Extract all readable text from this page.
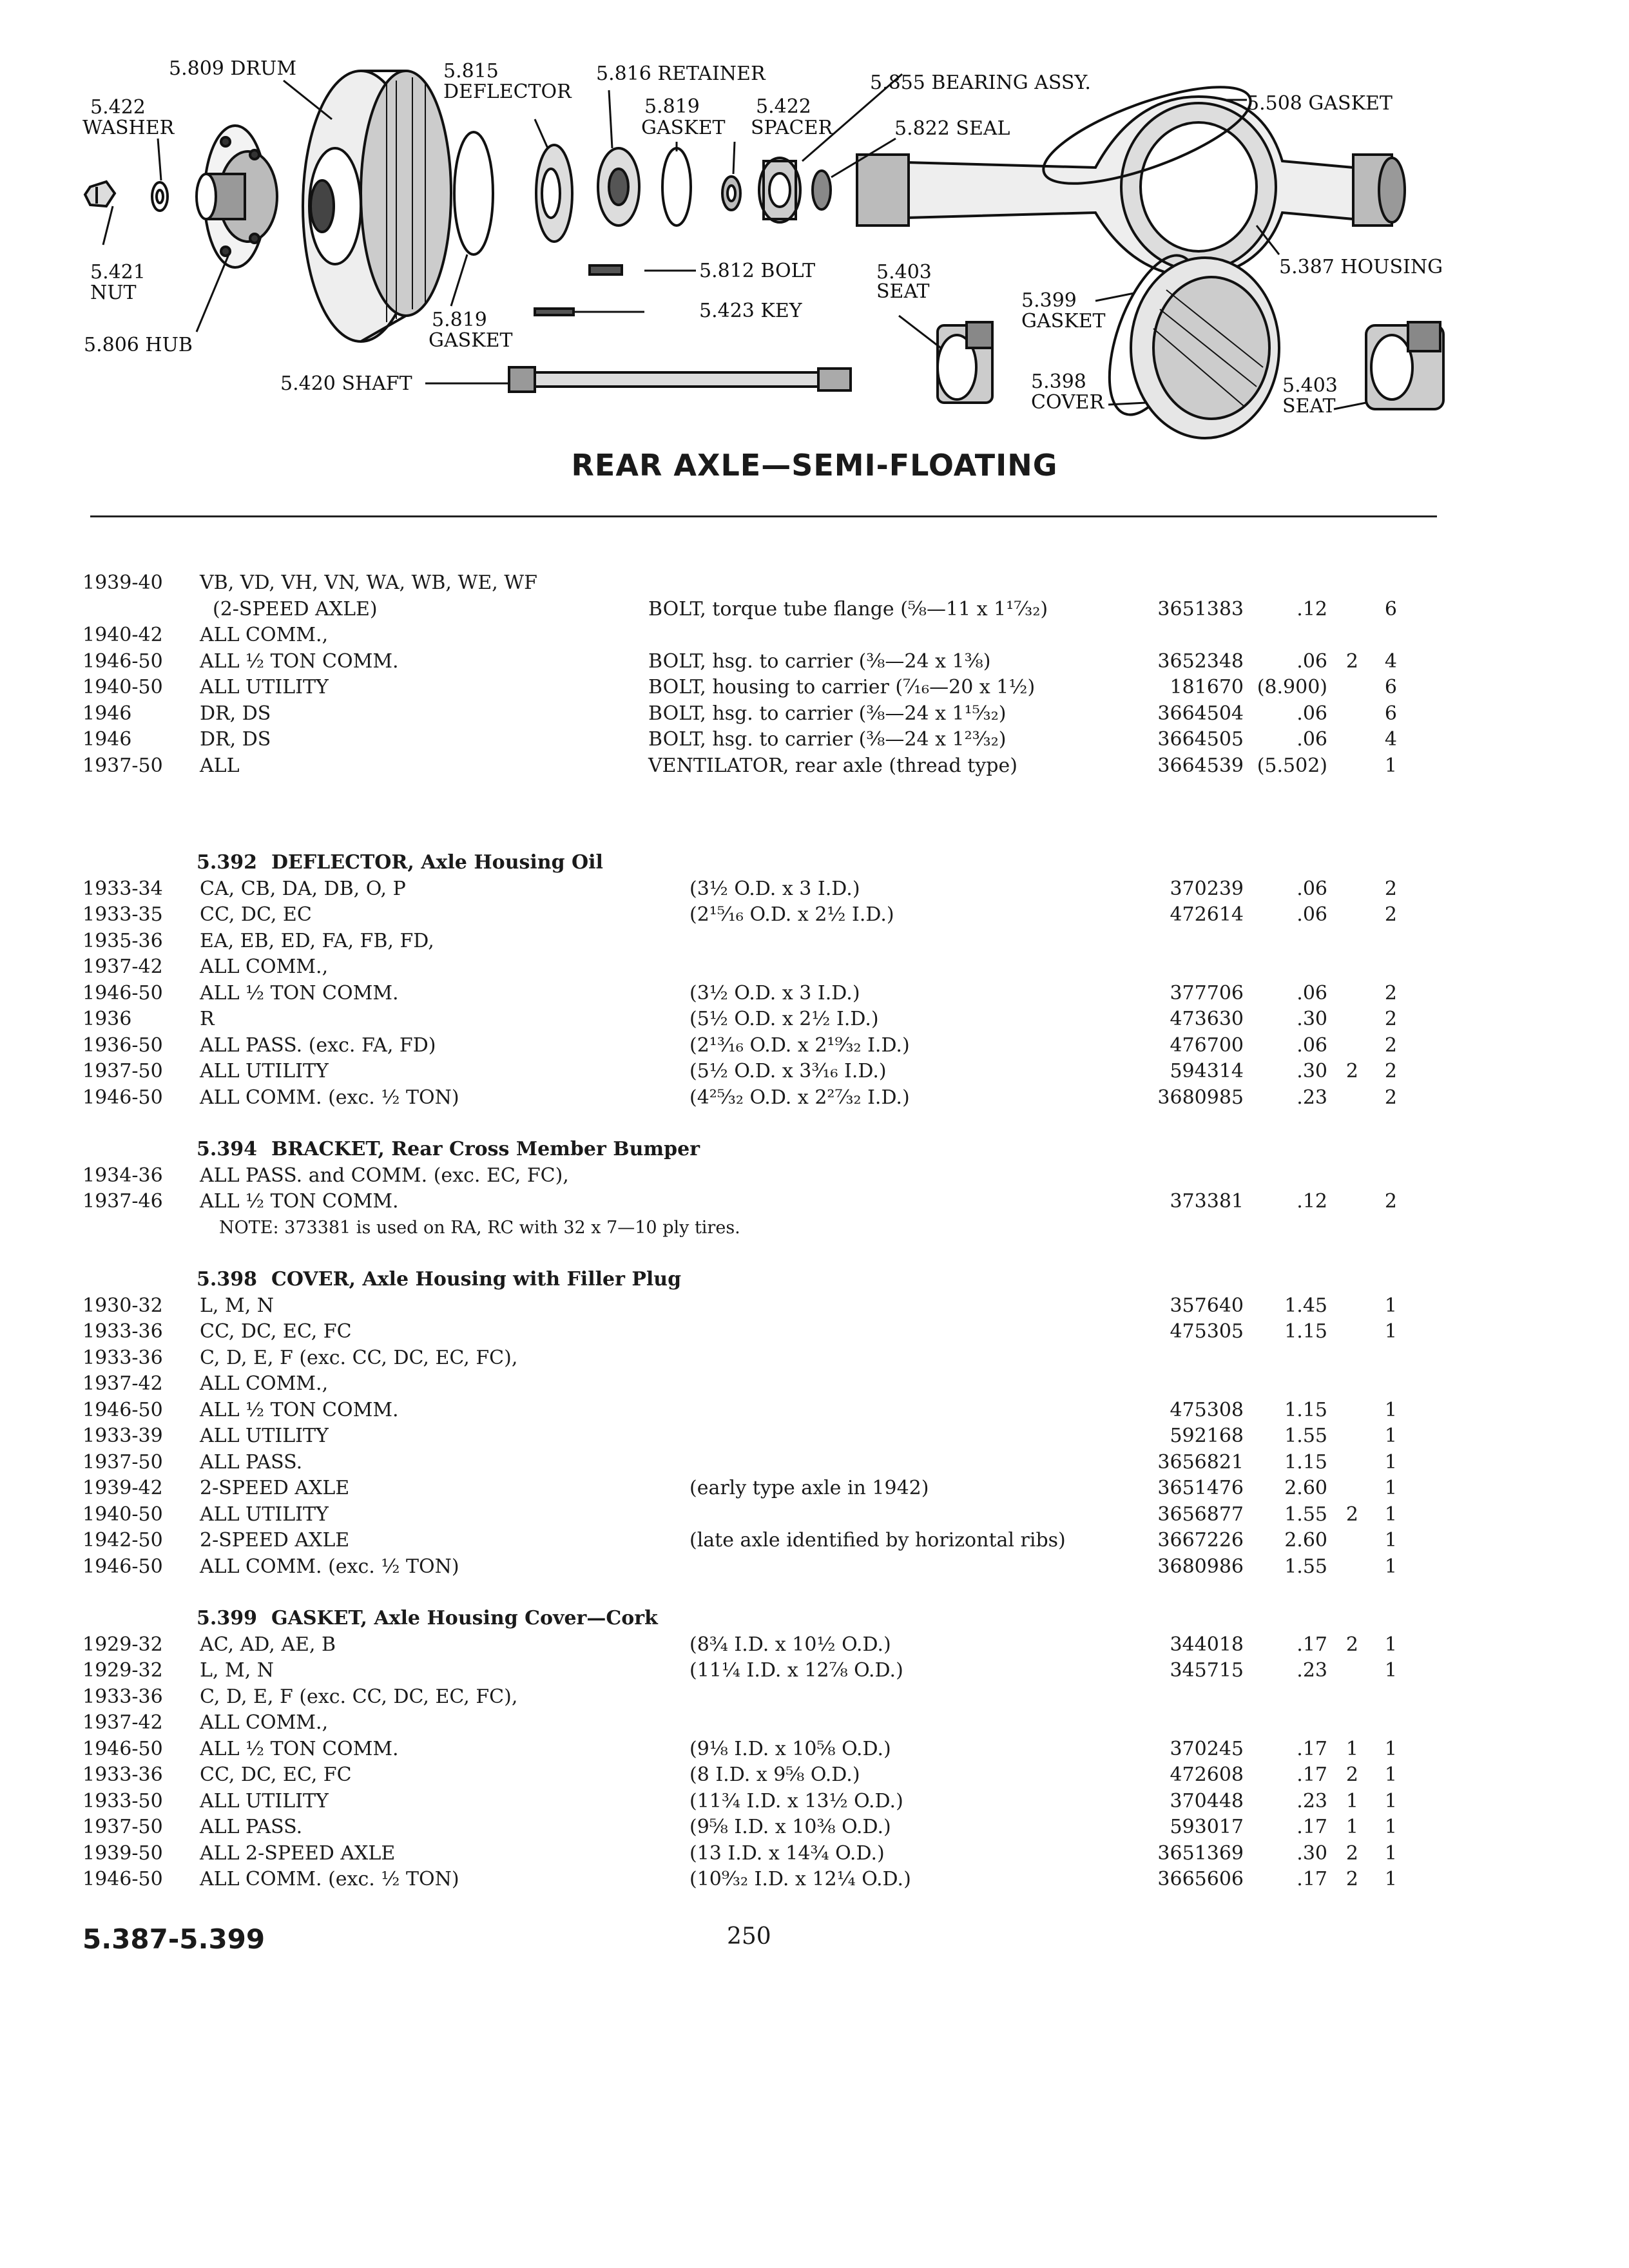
5.809 DRUM
5.422
WASHER
5.815
DEFLECTOR
5.816 RETAINER
5.819
GASKET
5.422
SPACER
5.855 BEARING ASSY.
5.822 SEAL
5.508 GASKET
5.421
NUT
5.806 HUB
5.812 BOLT
5.423 KEY
5.819
GASKET
5.420 SHAFT
5.403
SEAT	5.399
GASKET
5.387 HOUSING
5.398
COVER
5.403
SEAT
REAR AXLE—SEMI-FLOATING
1939-40 VB, VD, VH, VN, WA, WB, WE, WF
(2-SPEED AXLE)	BOLT, torque tube flange (⅝—11 x 1¹⁷⁄₃₂)	3651383	.12	6
1940-42 ALL COMM.,
1946-50 ALL ½ TON COMM.	BOLT, hsg. to carrier (⅜—24 x 1⅜)	3652348	.06 2	4
1940-50 ALL UTILITY	BOLT, housing to carrier (⁷⁄₁₆—20 x 1½)	181670 (8.900)	6
1946	DR, DS	BOLT, hsg. to carrier (⅜—24 x 1¹⁵⁄₃₂)	3664504	.06	6
1946	DR, DS	BOLT, hsg. to carrier (⅜—24 x 1²³⁄₃₂)	3664505	.06	4
1937-50 ALL	VENTILATOR, rear axle (thread type)	3664539 (5.502)	1
5.392 DEFLECTOR, Axle Housing Oil
1933-34 CA, CB, DA, DB, O, P	(3½ O.D. x 3 I.D.)	370239	.06	2
1933-35 CC, DC, EC	(2¹⁵⁄₁₆ O.D. x 2½ I.D.)	472614	.06	2
1935-36 EA, EB, ED, FA, FB, FD,
1937-42 ALL COMM.,
1946-50 ALL ½ TON COMM.	(3½ O.D. x 3 I.D.)	377706	.06	2
1936	R	(5½ O.D. x 2½ I.D.)	473630	.30	2
1936-50 ALL PASS. (exc. FA, FD)	(2¹³⁄₁₆ O.D. x 2¹⁹⁄₃₂ I.D.)	476700	.06	2
1937-50 ALL UTILITY	(5½ O.D. x 3³⁄₁₆ I.D.)	594314	.30 2	2
1946-50 ALL COMM. (exc. ½ TON)	(4²⁵⁄₃₂ O.D. x 2²⁷⁄₃₂ I.D.)	3680985	.23	2
5.394 BRACKET, Rear Cross Member Bumper
1934-36 ALL PASS. and COMM. (exc. EC, FC),
1937-46 ALL ½ TON COMM.	373381	.12	2
NOTE: 373381 is used on RA, RC with 32 x 7—10 ply tires.
5.398 COVER, Axle Housing with Filler Plug
1930-32 L, M, N	357640	1.45	1
1933-36 CC, DC, EC, FC	475305	1.15	1
1933-36 C, D, E, F (exc. CC, DC, EC, FC),
1937-42 ALL COMM.,
1946-50 ALL ½ TON COMM.	475308	1.15	1
1933-39 ALL UTILITY	592168	1.55	1
1937-50 ALL PASS.	3656821	1.15	1
1939-42 2-SPEED AXLE	(early type axle in 1942)	3651476	2.60	1
1940-50 ALL UTILITY	3656877	1.55 2	1
1942-50 2-SPEED AXLE	(late axle identified by horizontal ribs)	3667226	2.60	1
1946-50 ALL COMM. (exc. ½ TON)	3680986	1.55	1
5.399 GASKET, Axle Housing Cover—Cork
1929-32 AC, AD, AE, B	(8¾ I.D. x 10½ O.D.)	344018	.17 2	1
1929-32 L, M, N	(11¼ I.D. x 12⅞ O.D.)	345715	.23	1
1933-36 C, D, E, F (exc. CC, DC, EC, FC),
1937-42 ALL COMM.,
1946-50 ALL ½ TON COMM.	(9⅛ I.D. x 10⅝ O.D.)	370245	.17 1	1
1933-36 CC, DC, EC, FC	(8 I.D. x 9⅝ O.D.)	472608	.17 2	1
1933-50 ALL UTILITY	(11¾ I.D. x 13½ O.D.)	370448	.23 1	1
1937-50 ALL PASS.	(9⅝ I.D. x 10⅜ O.D.)	593017	.17 1	1
1939-50 ALL 2-SPEED AXLE	(13 I.D. x 14¾ O.D.)	3651369	.30 2	1
1946-50 ALL COMM. (exc. ½ TON)	(10⁹⁄₃₂ I.D. x 12¼ O.D.)	3665606	.17 2	1
5.387-5.399	250
